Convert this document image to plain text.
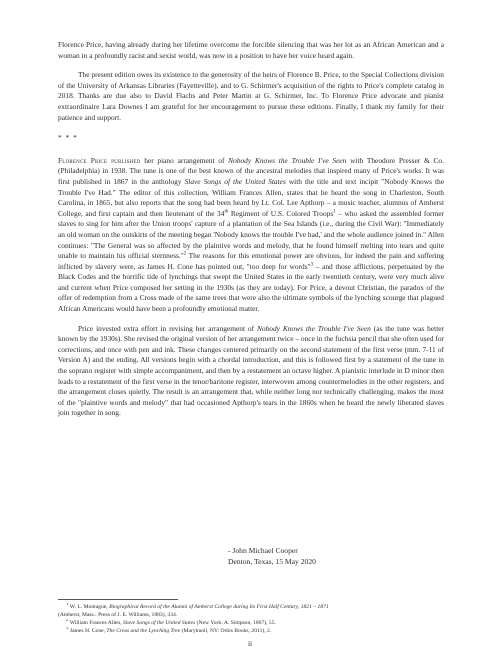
Florence Price, having already during her lifetime overcome the forcible silencing that was her lot as an African American and a woman in a profoundly racist and sexist world, was now in a position to have her voice heard again.

The present edition owes its existence to the generosity of the heirs of Florence B. Price, to the Special Collections division of the University of Arkansas Libraries (Fayetteville), and to G. Schirmer's acquisition of the rights to Price's complete catalog in 2018. Thanks are due also to David Flachs and Peter Martin at G. Schirmer, Inc. To Florence Price advocate and pianist extraordinaire Lara Downes I am grateful for her encouragement to pursue these editions. Finally, I thank my family for their patience and support.

* * *

Florence Price published her piano arrangement of Nobody Knows the Trouble I've Seen with Theodore Presser & Co. (Philadelphia) in 1938. The tune is one of the best known of the ancestral melodies that inspired many of Price's works. It was first published in 1867 in the anthology Slave Songs of the United States with the title and text incipit "Nobody Knows the Trouble I've Had." The editor of this collection, William Frances Allen, states that he heard the song in Charleston, South Carolina, in 1865, but also reports that the song had been heard by Lt. Col. Lee Apthorp – a music teacher, alumnus of Amherst College, and first captain and then lieutenant of the 34th Regiment of U.S. Colored Troops$^1$ – who asked the assembled former slaves to sing for him after the Union troops' capture of a plantation of the Sea Islands (i.e., during the Civil War): "Immediately an old woman on the outskirts of the meeting began 'Nobody knows the trouble I've had,' and the whole audience joined in." Allen continues: "The General was so affected by the plaintive words and melody, that he found himself melting into tears and quite unable to maintain his official sternness."$^2$ The reasons for this emotional power are obvious, for indeed the pain and suffering inflicted by slavery were, as James H. Cone has pointed out, "too deep for words"$^3$ – and those afflictions, perpetuated by the Black Codes and the horrific tide of lynchings that swept the United States in the early twentieth century, were very much alive and current when Price composed her setting in the 1930s (as they are today). For Price, a devout Christian, the paradox of the offer of redemption from a Cross made of the same trees that were also the ultimate symbols of the lynching scourge that plagued African Americans would have been a profoundly emotional matter.

Price invested extra effort in revising her arrangement of Nobody Knows the Trouble I've Seen (as the tune was better known by the 1930s). She revised the original version of her arrangement twice – once in the fuchsia pencil that she often used for corrections, and once with pen and ink. These changes centered primarily on the second statement of the first verse (mm. 7-11 of Version A) and the ending. All versions begin with a chordal introduction, and this is followed first by a statement of the tune in the soprano register with simple accompaniment, and then by a restatement an octave higher. A pianistic interlude in D minor then leads to a restatement of the first verse in the tenor/baritone register, interwoven among countermelodies in the other registers, and the arrangement closes quietly. The result is an arrangement that, while neither long nor technically challenging, makes the most of the "plaintive words and melody" that had occasioned Apthorp's tears in the 1860s when he heard the newly liberated slaves join together in song.

- John Michael Cooper
Denton, Texas, 15 May 2020
$^1$ W. L. Montague, Biographical Record of the Alumni of Amherst College during Its First Half Century, 1821 – 1871
(Amherst, Mass.: Press of J. E. Williams, 1883), 334.
$^2$ William Frances Allen, Slave Songs of the United States (New York: A. Simpson, 1867), 55.
$^3$ James H. Cone, The Cross and the Lynching Tree (Maryknoll, NY: Orbis Books, 2011), 2.
ii
